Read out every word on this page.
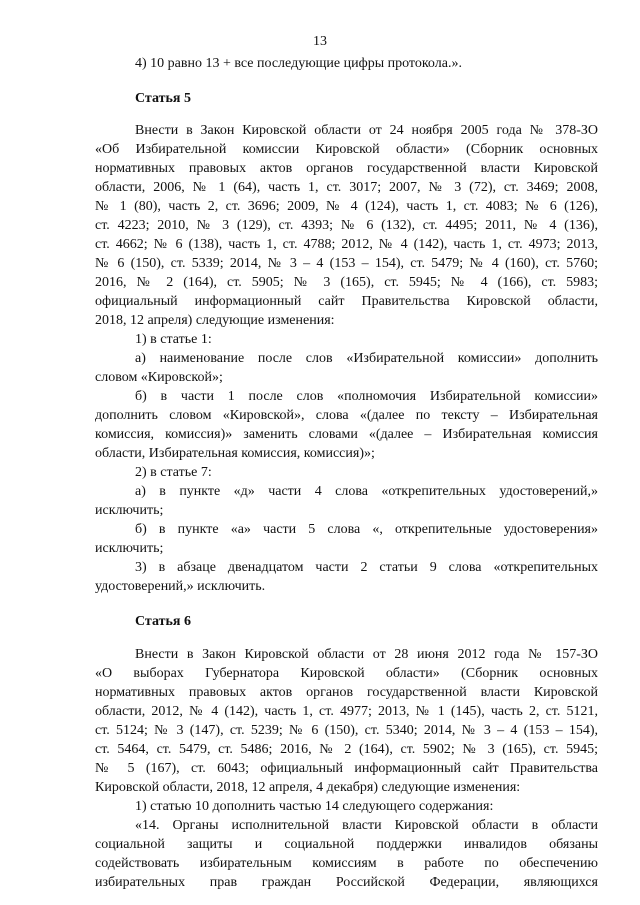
13
4) 10 равно 13 + все последующие цифры протокола.».
Статья 5
Внести в Закон Кировской области от 24 ноября 2005 года № 378-ЗО
«Об Избирательной комиссии Кировской области» (Сборник основных
нормативных правовых актов органов государственной власти Кировской
области, 2006, № 1 (64), часть 1, ст. 3017; 2007, № 3 (72), ст. 3469; 2008,
№ 1 (80), часть 2, ст. 3696; 2009, № 4 (124), часть 1, ст. 4083; № 6 (126),
ст. 4223; 2010, № 3 (129), ст. 4393; № 6 (132), ст. 4495; 2011, № 4 (136),
ст. 4662; № 6 (138), часть 1, ст. 4788; 2012, № 4 (142), часть 1, ст. 4973; 2013,
№ 6 (150), ст. 5339; 2014, № 3 – 4 (153 – 154), ст. 5479; № 4 (160), ст. 5760;
2016, № 2 (164), ст. 5905; № 3 (165), ст. 5945; № 4 (166), ст. 5983;
официальный информационный сайт Правительства Кировской области,
2018, 12 апреля) следующие изменения:
1) в статье 1:
а) наименование после слов «Избирательной комиссии» дополнить
словом «Кировской»;
б) в части 1 после слов «полномочия Избирательной комиссии»
дополнить словом «Кировской», слова «(далее по тексту – Избирательная
комиссия, комиссия)» заменить словами «(далее – Избирательная комиссия
области, Избирательная комиссия, комиссия)»;
2) в статье 7:
а) в пункте «д» части 4 слова «открепительных удостоверений,»
исключить;
б) в пункте «а» части 5 слова «, открепительные удостоверения»
исключить;
3) в абзаце двенадцатом части 2 статьи 9 слова «открепительных
удостоверений,» исключить.
Статья 6
Внести в Закон Кировской области от 28 июня 2012 года № 157-ЗО
«О выборах Губернатора Кировской области» (Сборник основных
нормативных правовых актов органов государственной власти Кировской
области, 2012, № 4 (142), часть 1, ст. 4977; 2013, № 1 (145), часть 2, ст. 5121,
ст. 5124; № 3 (147), ст. 5239; № 6 (150), ст. 5340; 2014, № 3 – 4 (153 – 154),
ст. 5464, ст. 5479, ст. 5486; 2016, № 2 (164), ст. 5902; № 3 (165), ст. 5945;
№ 5 (167), ст. 6043; официальный информационный сайт Правительства
Кировской области, 2018, 12 апреля, 4 декабря) следующие изменения:
1) статью 10 дополнить частью 14 следующего содержания:
«14. Органы исполнительной власти Кировской области в области
социальной защиты и социальной поддержки инвалидов обязаны
содействовать избирательным комиссиям в работе по обеспечению
избирательных прав граждан Российской Федерации, являющихся
